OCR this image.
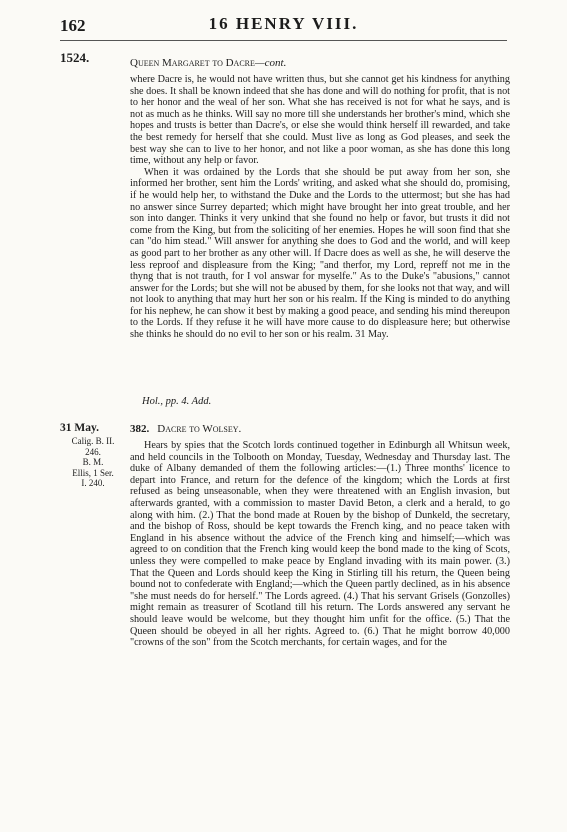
162	16 HENRY VIII.
1524.	Queen Margaret to Dacre—cont.

where Dacre is, he would not have written thus, but she cannot get his kindness for anything she does. It shall be known indeed that she has done and will do nothing for profit, that is not to her honor and the weal of her son. What she has received is not for what he says, and is not as much as he thinks. Will say no more till she understands her brother's mind, which she hopes and trusts is better than Dacre's, or else she would think herself ill rewarded, and take the best remedy for herself that she could. Must live as long as God pleases, and seek the best way she can to live to her honor, and not like a poor woman, as she has done this long time, without any help or favor.

When it was ordained by the Lords that she should be put away from her son, she informed her brother, sent him the Lords' writing, and asked what she should do, promising, if he would help her, to withstand the Duke and the Lords to the uttermost; but she has had no answer since Surrey departed; which might have brought her into great trouble, and her son into danger. Thinks it very unkind that she found no help or favor, but trusts it did not come from the King, but from the soliciting of her enemies. Hopes he will soon find that she can "do him stead." Will answer for anything she does to God and the world, and will keep as good part to her brother as any other will. If Dacre does as well as she, he will deserve the less reproof and displeasure from the King; "and therfor, my Lord, repreff not me in the thyng that is not trauth, for I vol answar for myselfe." As to the Duke's "abusions," cannot answer for the Lords; but she will not be abused by them, for she looks not that way, and will not look to anything that may hurt her son or his realm. If the King is minded to do anything for his nephew, he can show it best by making a good peace, and sending his mind thereupon to the Lords. If they refuse it he will have more cause to do displeasure here; but otherwise she thinks he should do no evil to her son or his realm. 31 May.

Hol., pp. 4. Add.
31 May.
Calig. B. II.
246.
B. M.
Ellis, 1 Ser.
I. 240.
382. Dacre to Wolsey.

Hears by spies that the Scotch lords continued together in Edinburgh all Whitsun week, and held councils in the Tolbooth on Monday, Tuesday, Wednesday and Thursday last. The duke of Albany demanded of them the following articles:—(1.) Three months' licence to depart into France, and return for the defence of the kingdom; which the Lords at first refused as being unseasonable, when they were threatened with an English invasion, but afterwards granted, with a commission to master David Beton, a clerk and a herald, to go along with him. (2.) That the bond made at Rouen by the bishop of Dunkeld, the secretary, and the bishop of Ross, should be kept towards the French king, and no peace taken with England in his absence without the advice of the French king and himself;—which was agreed to on condition that the French king would keep the bond made to the king of Scots, unless they were compelled to make peace by England invading with its main power. (3.) That the Queen and Lords should keep the King in Stirling till his return, the Queen being bound not to confederate with England;—which the Queen partly declined, as in his absence "she must needs do for herself." The Lords agreed. (4.) That his servant Grisels (Gonzolles) might remain as treasurer of Scotland till his return. The Lords answered any servant he should leave would be welcome, but they thought him unfit for the office. (5.) That the Queen should be obeyed in all her rights. Agreed to. (6.) That he might borrow 40,000 "crowns of the son" from the Scotch merchants, for certain wages, and for the
